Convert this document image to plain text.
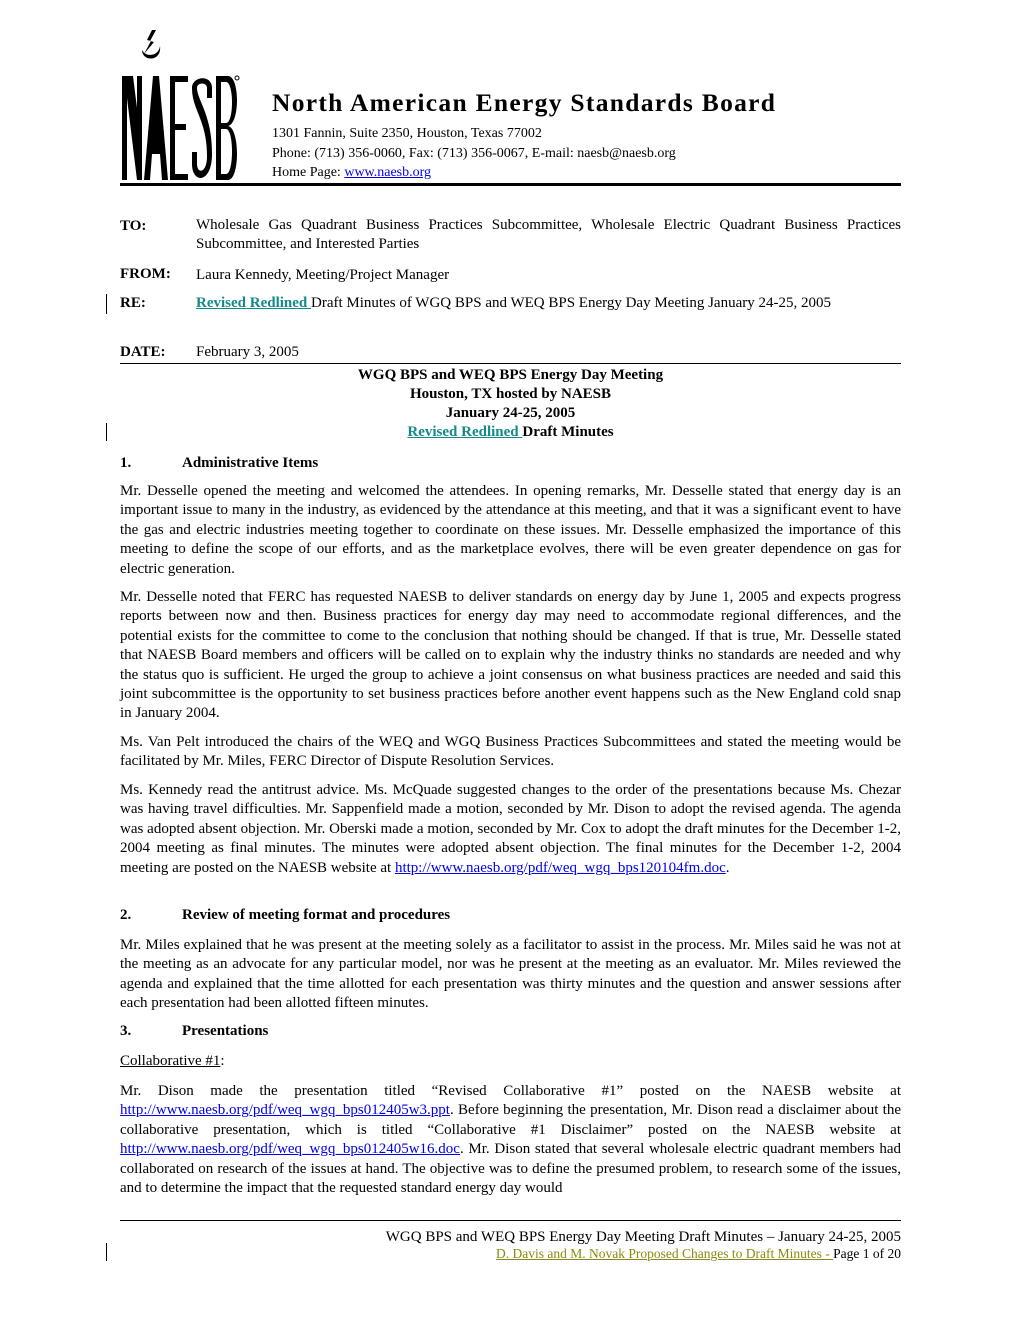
North American Energy Standards Board
1301 Fannin, Suite 2350, Houston, Texas 77002
Phone: (713) 356-0060, Fax: (713) 356-0067, E-mail: naesb@naesb.org
Home Page: www.naesb.org
TO:	Wholesale Gas Quadrant Business Practices Subcommittee, Wholesale Electric Quadrant Business Practices Subcommittee, and Interested Parties
FROM: Laura Kennedy, Meeting/Project Manager
RE:	Revised Redlined Draft Minutes of WGQ BPS and WEQ BPS Energy Day Meeting January 24-25, 2005
DATE: February 3, 2005
WGQ BPS and WEQ BPS Energy Day Meeting
Houston, TX hosted by NAESB
January 24-25, 2005
Revised Redlined Draft Minutes
1.	Administrative Items
Mr. Desselle opened the meeting and welcomed the attendees. In opening remarks, Mr. Desselle stated that energy day is an important issue to many in the industry, as evidenced by the attendance at this meeting, and that it was a significant event to have the gas and electric industries meeting together to coordinate on these issues. Mr. Desselle emphasized the importance of this meeting to define the scope of our efforts, and as the marketplace evolves, there will be even greater dependence on gas for electric generation.
Mr. Desselle noted that FERC has requested NAESB to deliver standards on energy day by June 1, 2005 and expects progress reports between now and then. Business practices for energy day may need to accommodate regional differences, and the potential exists for the committee to come to the conclusion that nothing should be changed. If that is true, Mr. Desselle stated that NAESB Board members and officers will be called on to explain why the industry thinks no standards are needed and why the status quo is sufficient. He urged the group to achieve a joint consensus on what business practices are needed and said this joint subcommittee is the opportunity to set business practices before another event happens such as the New England cold snap in January 2004.
Ms. Van Pelt introduced the chairs of the WEQ and WGQ Business Practices Subcommittees and stated the meeting would be facilitated by Mr. Miles, FERC Director of Dispute Resolution Services.
Ms. Kennedy read the antitrust advice. Ms. McQuade suggested changes to the order of the presentations because Ms. Chezar was having travel difficulties. Mr. Sappenfield made a motion, seconded by Mr. Dison to adopt the revised agenda. The agenda was adopted absent objection. Mr. Oberski made a motion, seconded by Mr. Cox to adopt the draft minutes for the December 1-2, 2004 meeting as final minutes. The minutes were adopted absent objection. The final minutes for the December 1-2, 2004 meeting are posted on the NAESB website at http://www.naesb.org/pdf/weq_wgq_bps120104fm.doc.
2.	Review of meeting format and procedures
Mr. Miles explained that he was present at the meeting solely as a facilitator to assist in the process. Mr. Miles said he was not at the meeting as an advocate for any particular model, nor was he present at the meeting as an evaluator. Mr. Miles reviewed the agenda and explained that the time allotted for each presentation was thirty minutes and the question and answer sessions after each presentation had been allotted fifteen minutes.
3.	Presentations
Collaborative #1:
Mr. Dison made the presentation titled “Revised Collaborative #1” posted on the NAESB website at http://www.naesb.org/pdf/weq_wgq_bps012405w3.ppt. Before beginning the presentation, Mr. Dison read a disclaimer about the collaborative presentation, which is titled “Collaborative #1 Disclaimer” posted on the NAESB website at http://www.naesb.org/pdf/weq_wgq_bps012405w16.doc. Mr. Dison stated that several wholesale electric quadrant members had collaborated on research of the issues at hand. The objective was to define the presumed problem, to research some of the issues, and to determine the impact that the requested standard energy day would
WGQ BPS and WEQ BPS Energy Day Meeting Draft Minutes – January 24-25, 2005
D. Davis and M. Novak Proposed Changes to Draft Minutes - Page 1 of 20
